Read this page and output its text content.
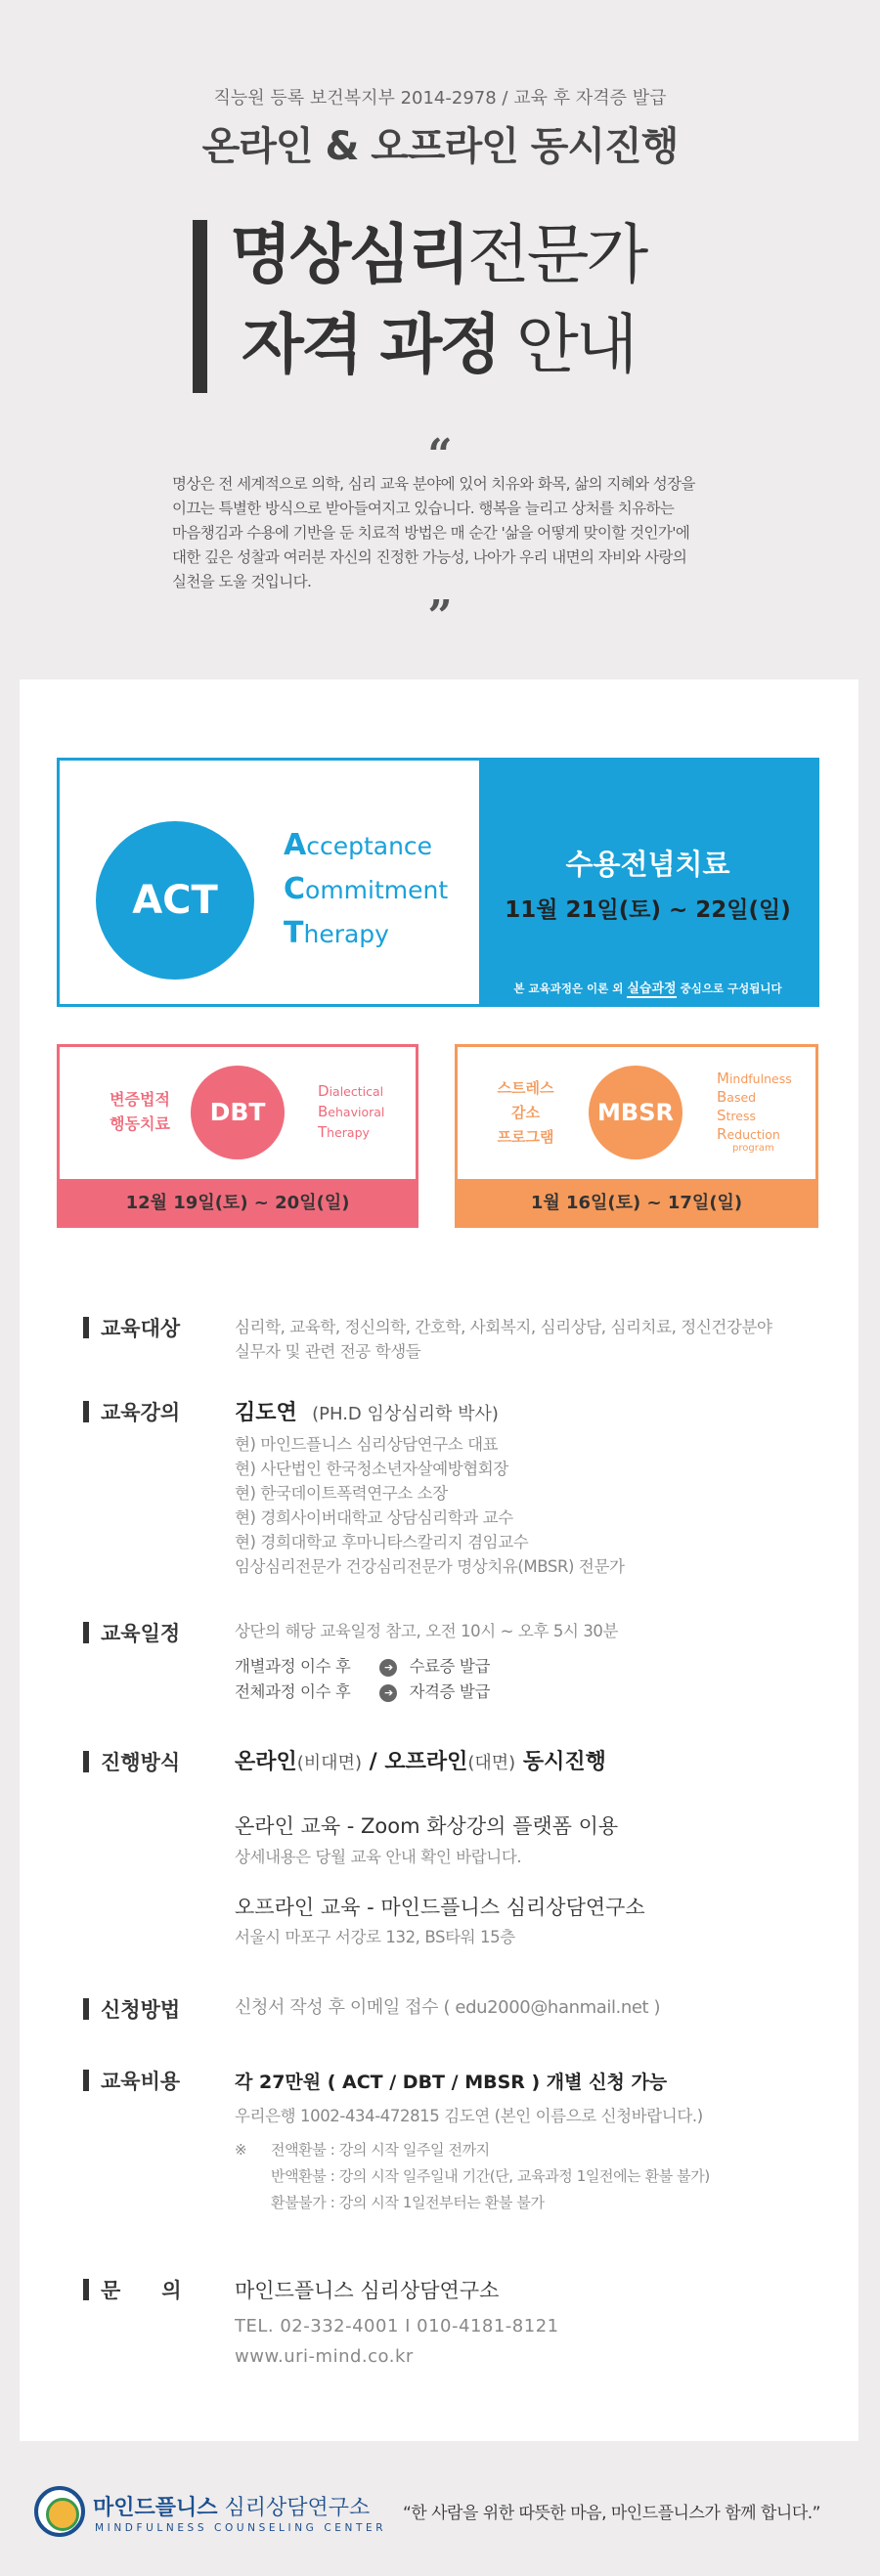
직능원 등록 보건복지부 2014-2978 / 교육 후 자격증 발급
온라인 & 오프라인 동시진행
명상심리전문가
자격 과정 안내
“
명상은 전 세계적으로 의학, 심리 교육 분야에 있어 치유와 화목, 삶의 지혜와 성장을 이끄는 특별한 방식으로 받아들여지고 있습니다. 행복을 늘리고 상처를 치유하는 마음챙김과 수용에 기반을 둔 치료적 방법은 매 순간 '삶을 어떻게 맞이할 것인가'에 대한 깊은 성찰과 여러분 자신의 진정한 가능성, 나아가 우리 내면의 자비와 사랑의 실천을 도울 것입니다.
”
ACT
Acceptance
Commitment
Therapy
수용전념치료
11월 21일(토) ~ 22일(일)
본 교육과정은 이론 외 실습과정 중심으로 구성됩니다
변증법적
행동치료	DBT
Dialectical
Behavioral
Therapy
12월 19일(토) ~ 20일(일)
스트레스
감소
프로그램
MBSR
Mindfulness
Based
Stress
Reduction
program
1월 16일(토) ~ 17일(일)
교육대상	심리학, 교육학, 정신의학, 간호학, 사회복지, 심리상담, 심리치료, 정신건강분야
실무자 및 관련 전공 학생들
교육강의	김도연 (PH.D 임상심리학 박사)
현) 마인드플니스 심리상담연구소 대표
현) 사단법인 한국청소년자살예방협회장
현) 한국데이트폭력연구소 소장
현) 경희사이버대학교 상담심리학과 교수
현) 경희대학교 후마니타스칼리지 겸임교수
임상심리전문가 건강심리전문가 명상치유(MBSR) 전문가
교육일정	상단의 해당 교육일정 참고, 오전 10시 ~ 오후 5시 30분
개별과정 이수 후	➔ 수료증 발급
전체과정 이수 후	➔ 자격증 발급
진행방식	온라인(비대면) / 오프라인(대면) 동시진행
온라인 교육 - Zoom 화상강의 플랫폼 이용
상세내용은 당월 교육 안내 확인 바랍니다.
오프라인 교육 - 마인드플니스 심리상담연구소
서울시 마포구 서강로 132, BS타워 15층
신청방법	신청서 작성 후 이메일 접수 ( edu2000@hanmail.net )
교육비용	각 27만원 ( ACT / DBT / MBSR ) 개별 신청 가능
우리은행 1002-434-472815 김도연 (본인 이름으로 신청바랍니다.)
※ 전액환불 : 강의 시작 일주일 전까지
반액환불 : 강의 시작 일주일내 기간(단, 교육과정 1일전에는 환불 불가)
환불불가 : 강의 시작 1일전부터는 환불 불가
문　　의	마인드플니스 심리상담연구소
TEL. 02-332-4001 I 010-4181-8121
www.uri-mind.co.kr
마인드플니스 심리상담연구소
MINDFULNESS COUNSELING CENTER
“한 사람을 위한 따뜻한 마음, 마인드플니스가 함께 합니다.”
